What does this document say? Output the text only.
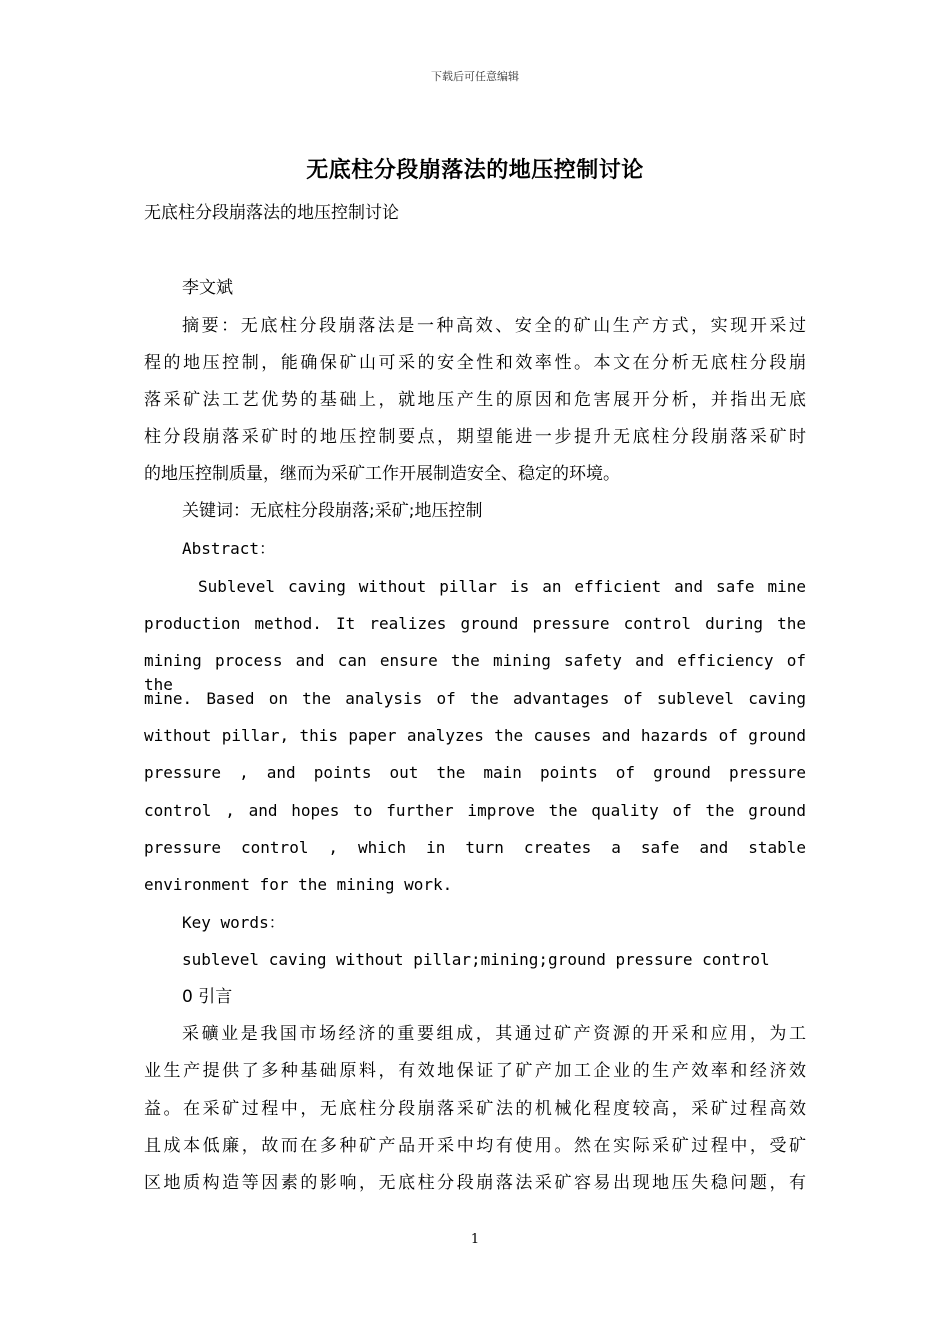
下载后可任意编辑
无底柱分段崩落法的地压控制讨论
无底柱分段崩落法的地压控制讨论
李文斌
摘要：无底柱分段崩落法是一种高效、安全的矿山生产方式，实现开采过
程的地压控制，能确保矿山可采的安全性和效率性。本文在分析无底柱分段崩
落采矿法工艺优势的基础上，就地压产生的原因和危害展开分析，并指出无底
柱分段崩落采矿时的地压控制要点，期望能进一步提升无底柱分段崩落采矿时
的地压控制质量，继而为采矿工作开展制造安全、稳定的环境。
关键词：无底柱分段崩落;采矿;地压控制
Abstract：
Sublevel caving without pillar is an efficient and safe mine
production method. It realizes ground pressure control during the
mining process and can ensure the mining safety and efficiency of the
mine. Based on the analysis of the advantages of sublevel caving
without pillar, this paper analyzes the causes and hazards of ground
pressure , and points out the main points of ground pressure
control , and hopes to further improve the quality of the ground
pressure control , which in turn creates a safe and stable
environment for the mining work.
Key words：
sublevel caving without pillar;mining;ground pressure control
0 引言
采礦业是我国市场经济的重要组成，其通过矿产资源的开采和应用，为工
业生产提供了多种基础原料，有效地保证了矿产加工企业的生产效率和经济效
益。在采矿过程中，无底柱分段崩落采矿法的机械化程度较高，采矿过程高效
且成本低廉，故而在多种矿产品开采中均有使用。然在实际采矿过程中，受矿
区地质构造等因素的影响，无底柱分段崩落法采矿容易出现地压失稳问题，有
1
